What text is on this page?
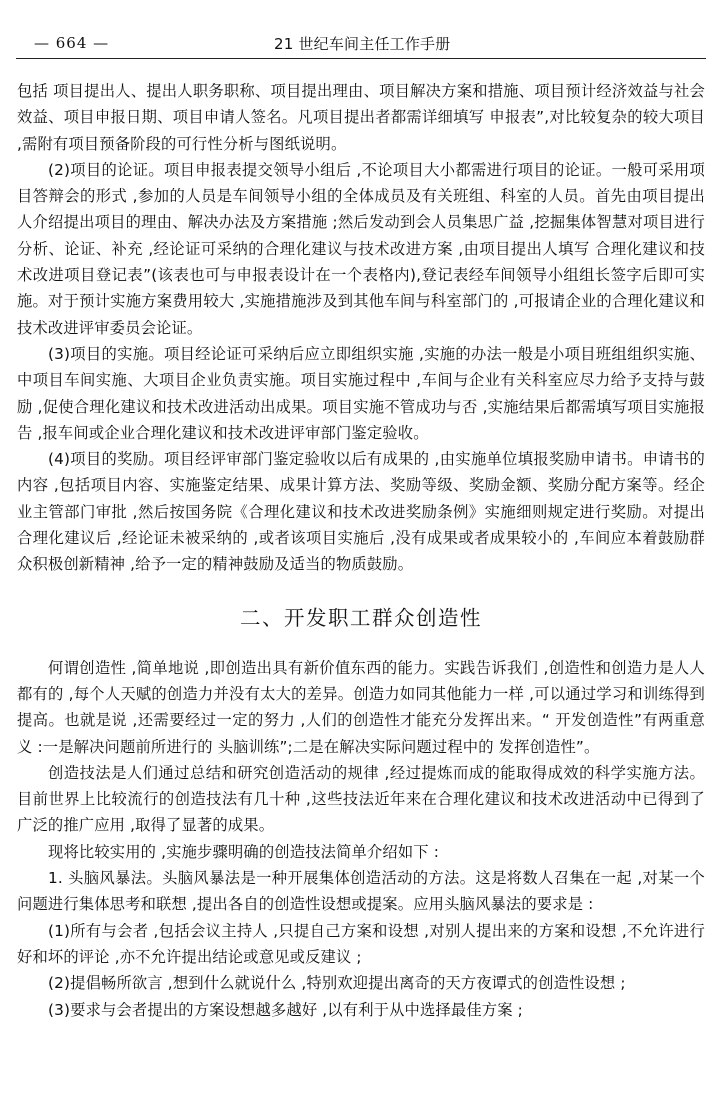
— 664 —	21 世纪车间主任工作手册

包括 项目提出人、提出人职务职称、项目提出理由、项目解决方案和措施、项目预计经济效益与社会效益、项目申报日期、项目申请人签名。凡项目提出者都需详细填写 申报表”,对比较复杂的较大项目 ,需附有项目预备阶段的可行性分析与图纸说明。

(2)项目的论证。项目申报表提交领导小组后 ,不论项目大小都需进行项目的论证。一般可采用项目答辩会的形式 ,参加的人员是车间领导小组的全体成员及有关班组、科室的人员。首先由项目提出人介绍提出项目的理由、解决办法及方案措施 ;然后发动到会人员集思广益 ,挖掘集体智慧对项目进行分析、论证、补充 ,经论证可采纳的合理化建议与技术改进方案 ,由项目提出人填写 合理化建议和技术改进项目登记表”(该表也可与申报表设计在一个表格内),登记表经车间领导小组组长签字后即可实施。对于预计实施方案费用较大 ,实施措施涉及到其他车间与科室部门的 ,可报请企业的合理化建议和技术改进评审委员会论证。

(3)项目的实施。项目经论证可采纳后应立即组织实施 ,实施的办法一般是小项目班组组织实施、中项目车间实施、大项目企业负责实施。项目实施过程中 ,车间与企业有关科室应尽力给予支持与鼓励 ,促使合理化建议和技术改进活动出成果。项目实施不管成功与否 ,实施结果后都需填写项目实施报告 ,报车间或企业合理化建议和技术改进评审部门鉴定验收。

(4)项目的奖励。项目经评审部门鉴定验收以后有成果的 ,由实施单位填报奖励申请书。申请书的内容 ,包括项目内容、实施鉴定结果、成果计算方法、奖励等级、奖励金额、奖励分配方案等。经企业主管部门审批 ,然后按国务院《合理化建议和技术改进奖励条例》实施细则规定进行奖励。对提出合理化建议后 ,经论证未被采纳的 ,或者该项目实施后 ,没有成果或者成果较小的 ,车间应本着鼓励群众积极创新精神 ,给予一定的精神鼓励及适当的物质鼓励。

二、开发职工群众创造性

何谓创造性 ,简单地说 ,即创造出具有新价值东西的能力。实践告诉我们 ,创造性和创造力是人人都有的 ,每个人天赋的创造力并没有太大的差异。创造力如同其他能力一样 ,可以通过学习和训练得到提高。也就是说 ,还需要经过一定的努力 ,人们的创造性才能充分发挥出来。“ 开发创造性”有两重意义 :一是解决问题前所进行的 头脑训练”;二是在解决实际问题过程中的 发挥创造性”。

创造技法是人们通过总结和研究创造活动的规律 ,经过提炼而成的能取得成效的科学实施方法。目前世界上比较流行的创造技法有几十种 ,这些技法近年来在合理化建议和技术改进活动中已得到了广泛的推广应用 ,取得了显著的成果。

现将比较实用的 ,实施步骤明确的创造技法简单介绍如下 :

1. 头脑风暴法。头脑风暴法是一种开展集体创造活动的方法。这是将数人召集在一起 ,对某一个问题进行集体思考和联想 ,提出各自的创造性设想或提案。应用头脑风暴法的要求是 :

(1)所有与会者 ,包括会议主持人 ,只提自己方案和设想 ,对别人提出来的方案和设想 ,不允许进行好和坏的评论 ,亦不允许提出结论或意见或反建议 ;

(2)提倡畅所欲言 ,想到什么就说什么 ,特别欢迎提出离奇的天方夜谭式的创造性设想 ;

(3)要求与会者提出的方案设想越多越好 ,以有利于从中选择最佳方案 ;
